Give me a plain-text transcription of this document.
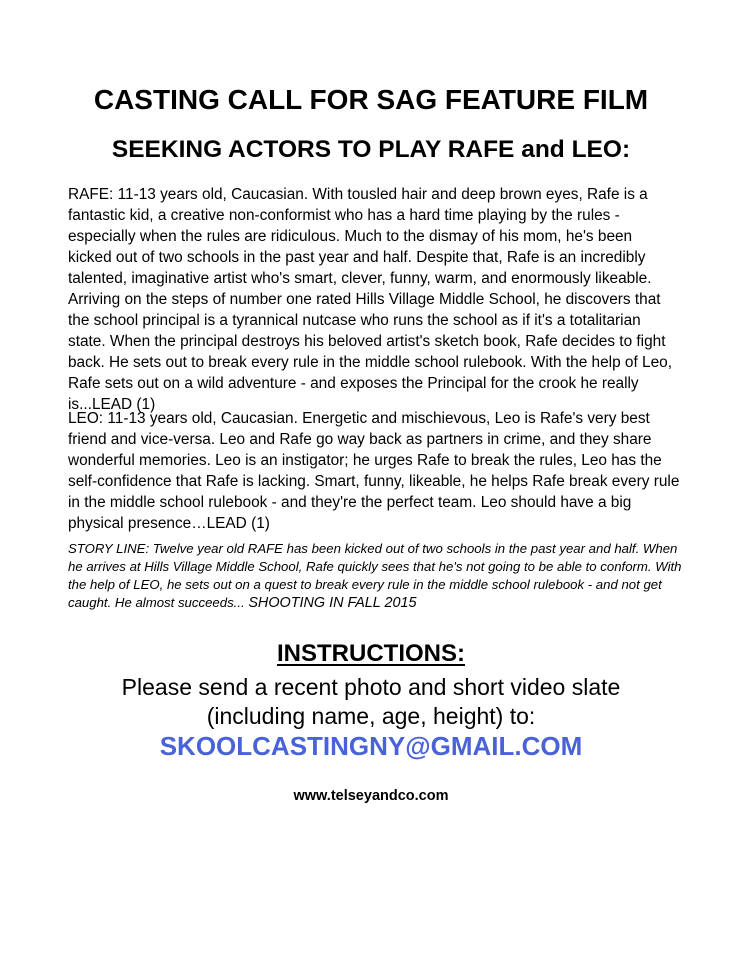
CASTING CALL FOR SAG FEATURE FILM
SEEKING ACTORS TO PLAY RAFE and LEO:

RAFE: 11-13 years old, Caucasian. With tousled hair and deep brown eyes, Rafe is a fantastic kid, a creative non-conformist who has a hard time playing by the rules - especially when the rules are ridiculous. Much to the dismay of his mom, he's been kicked out of two schools in the past year and half. Despite that, Rafe is an incredibly talented, imaginative artist who's smart, clever, funny, warm, and enormously likeable. Arriving on the steps of number one rated Hills Village Middle School, he discovers that the school principal is a tyrannical nutcase who runs the school as if it's a totalitarian state. When the principal destroys his beloved artist's sketch book, Rafe decides to fight back. He sets out to break every rule in the middle school rulebook. With the help of Leo, Rafe sets out on a wild adventure - and exposes the Principal for the crook he really is...LEAD (1)

LEO: 11-13 years old, Caucasian. Energetic and mischievous, Leo is Rafe's very best friend and vice-versa. Leo and Rafe go way back as partners in crime, and they share wonderful memories. Leo is an instigator; he urges Rafe to break the rules, Leo has the self-confidence that Rafe is lacking. Smart, funny, likeable, he helps Rafe break every rule in the middle school rulebook - and they're the perfect team. Leo should have a big physical presence…LEAD (1)

STORY LINE: Twelve year old RAFE has been kicked out of two schools in the past year and half. When he arrives at Hills Village Middle School, Rafe quickly sees that he's not going to be able to conform. With the help of LEO, he sets out on a quest to break every rule in the middle school rulebook - and not get caught. He almost succeeds... SHOOTING IN FALL 2015

INSTRUCTIONS:
Please send a recent photo and short video slate
(including name, age, height) to:
SKOOLCASTINGNY@GMAIL.COM
www.telseyandco.com
